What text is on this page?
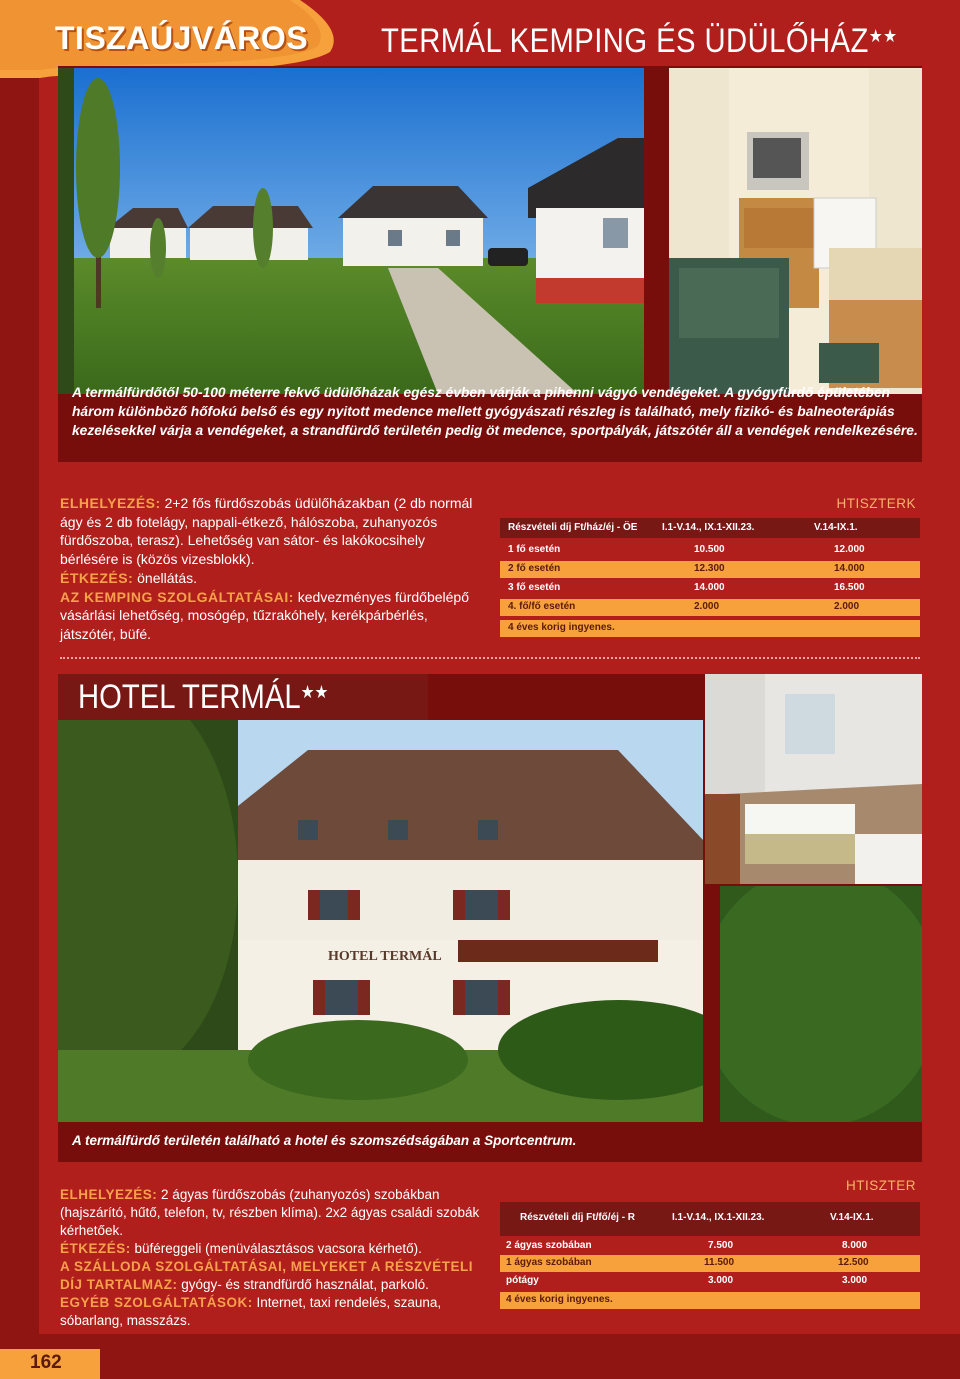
TISZAÚJVÁROS TERMÁL KEMPING ÉS ÜDÜLŐHÁZ★★
A termálfürdőtől 50-100 méterre fekvő üdülőházak egész évben várják a pihenni vágyó vendégeket. A gyógyfürdő épületében három különböző hőfokú belső és egy nyitott medence mellett gyógyászati részleg is található, mely fizikó- és balneoterápiás kezelésekkel várja a vendégeket, a strandfürdő területén pedig öt medence, sportpályák, játszótér áll a vendégek rendelkezésére.
ELHELYEZÉS: 2+2 fős fürdőszobás üdülőházakban (2 db normál ágy és 2 db fotelágy, nappali-étkező, hálószoba, zuhanyozós fürdőszoba, terasz). Lehetőség van sátor- és lakókocsihely bérlésére is (közös vizesblokk).
ÉTKEZÉS: önellátás.
AZ KEMPING SZOLGÁLTATÁSAI: kedvezményes fürdőbelépő vásárlási lehetőség, mosógép, tűzrakóhely, kerékpárbérlés, játszótér, büfé.
HTISZTERK
Részvételi díj Ft/ház/éj - ÖE I.1-V.14., IX.1-XII.23.	V.14-IX.1.
1 fő esetén	10.500	12.000
2 fő esetén	12.300	14.000
3 fő esetén	14.000	16.500
4. fő/fő esetén	2.000	2.000
4 éves korig ingyenes.
HOTEL TERMÁL
HOTEL TERMÁL★★
A termálfürdő területén található a hotel és szomszédságában a Sportcentrum.
ELHELYEZÉS: 2 ágyas fürdőszobás (zuhanyozós) szobákban (hajszárító, hűtő, telefon, tv, részben klíma). 2x2 ágyas családi szobák kérhetőek.
ÉTKEZÉS: büféreggeli (menüválasztásos vacsora kérhető).
A SZÁLLODA SZOLGÁLTATÁSAI, MELYEKET A RÉSZVÉTELI DÍJ TARTALMAZ: gyógy- és strandfürdő használat, parkoló.
EGYÉB SZOLGÁLTATÁSOK: Internet, taxi rendelés, szauna, sóbarlang, masszázs.
HTISZTER
Részvételi díj Ft/fő/éj - R	I.1-V.14., IX.1-XII.23.	V.14-IX.1.
2 ágyas szobában	7.500	8.000
1 ágyas szobában	11.500	12.500
pótágy	3.000	3.000
4 éves korig ingyenes.
162
